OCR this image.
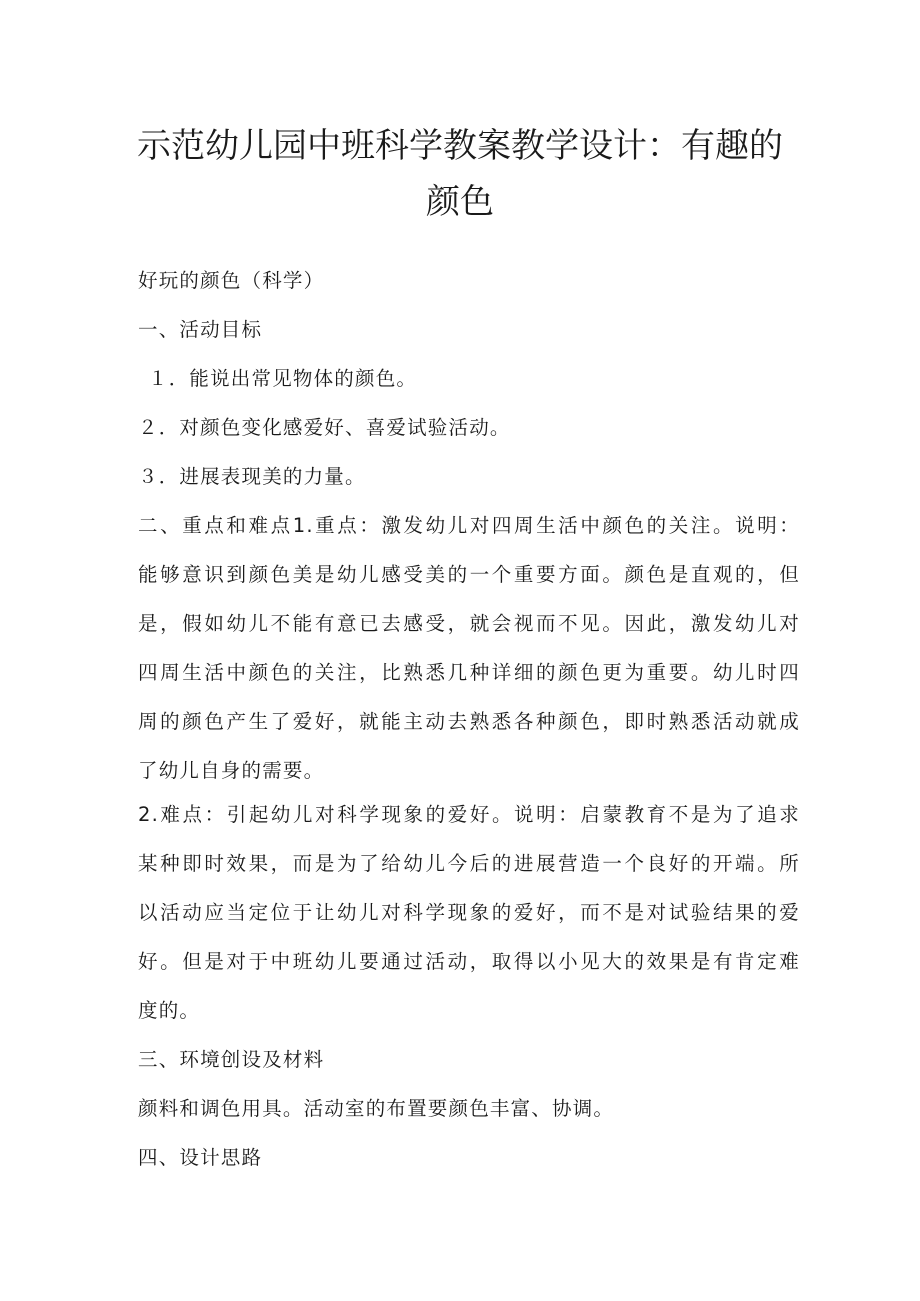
示范幼儿园中班科学教案教学设计：有趣的
颜色
好玩的颜色（科学）
一、活动目标
１．能说出常见物体的颜色。
２．对颜色变化感爱好、喜爱试验活动。
３．进展表现美的力量。
二、重点和难点1.重点：激发幼儿对四周生活中颜色的关注。说明：
能够意识到颜色美是幼儿感受美的一个重要方面。颜色是直观的，但
是，假如幼儿不能有意已去感受，就会视而不见。因此，激发幼儿对
四周生活中颜色的关注，比熟悉几种详细的颜色更为重要。幼儿时四
周的颜色产生了爱好，就能主动去熟悉各种颜色，即时熟悉活动就成
了幼儿自身的需要。
2.难点：引起幼儿对科学现象的爱好。说明：启蒙教育不是为了追求
某种即时效果，而是为了给幼儿今后的进展营造一个良好的开端。所
以活动应当定位于让幼儿对科学现象的爱好，而不是对试验结果的爱
好。但是对于中班幼儿要通过活动，取得以小见大的效果是有肯定难
度的。
三、环境创设及材料
颜料和调色用具。活动室的布置要颜色丰富、协调。
四、设计思路
